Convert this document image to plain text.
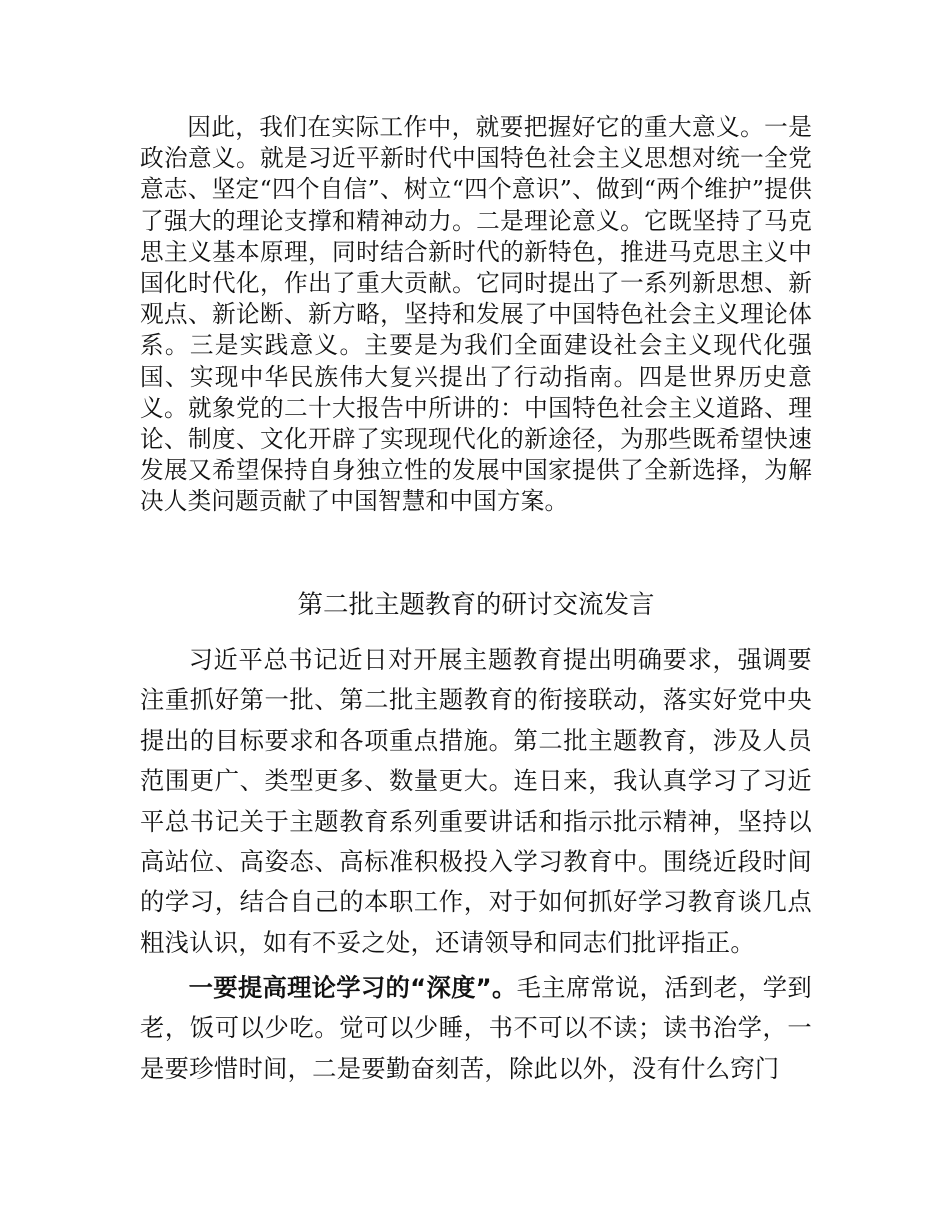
因此，我们在实际工作中，就要把握好它的重大意义。一是政治意义。就是习近平新时代中国特色社会主义思想对统一全党意志、坚定“四个自信”、树立“四个意识”、做到“两个维护”提供了强大的理论支撑和精神动力。二是理论意义。它既坚持了马克思主义基本原理，同时结合新时代的新特色，推进马克思主义中国化时代化，作出了重大贡献。它同时提出了一系列新思想、新观点、新论断、新方略，坚持和发展了中国特色社会主义理论体系。三是实践意义。主要是为我们全面建设社会主义现代化强国、实现中华民族伟大复兴提出了行动指南。四是世界历史意义。就象党的二十大报告中所讲的：中国特色社会主义道路、理论、制度、文化开辟了实现现代化的新途径，为那些既希望快速发展又希望保持自身独立性的发展中国家提供了全新选择，为解决人类问题贡献了中国智慧和中国方案。
第二批主题教育的研讨交流发言
习近平总书记近日对开展主题教育提出明确要求，强调要注重抓好第一批、第二批主题教育的衔接联动，落实好党中央提出的目标要求和各项重点措施。第二批主题教育，涉及人员范围更广、类型更多、数量更大。连日来，我认真学习了习近平总书记关于主题教育系列重要讲话和指示批示精神，坚持以高站位、高姿态、高标准积极投入学习教育中。围绕近段时间的学习，结合自己的本职工作，对于如何抓好学习教育谈几点粗浅认识，如有不妥之处，还请领导和同志们批评指正。
一要提高理论学习的“深度”。毛主席常说，活到老，学到老，饭可以少吃。觉可以少睡，书不可以不读；读书治学，一是要珍惜时间，二是要勤奋刻苦，除此以外，没有什么窍门
